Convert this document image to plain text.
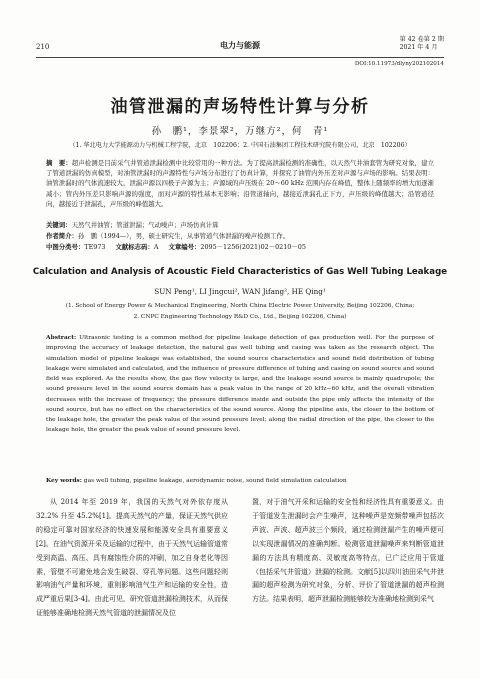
210	电力与能源
第 42 卷第 2 期
2021 年 4 月
DOI:10.11973/dlyny202102014
油管泄漏的声场特性计算与分析
孙　鹏¹，李景翠²，万继方²，何　青¹
（1. 华北电力大学能源动力与机械工程学院，北京　102206；2. 中国石油集团工程技术研究院有限公司，北京　102206）
摘　要：超声检测是目前采气井管道泄漏检测中比较常用的一种方法。为了提高泄漏检测的准确性，以天然气井油套管为研究对象，建立了管道泄漏的仿真模型，对油管泄漏时的声源特性与声场分布进行了仿真计算，并探究了油管内外压差对声源与声场的影响。结果表明：油管泄漏时的气体流速较大，泄漏声源以四极子声源为主；声源域的声压级在 20～60 kHz 范围内存在峰值，整体上随频率的增大而逐渐减小；管内外压差只影响声源的强度，而对声源的特性基本无影响；沿管道轴向，越接近泄漏孔正下方，声压级的峰值越大；沿管道径向，越接近于泄漏孔，声压级的峰值越大。
关键词：天然气井油管；管道泄漏；气动噪声；声场仿真计算
作者简介：孙　鹏（1994—），男，硕士研究生，从事管道气体泄漏的噪声检测工作。
中图分类号：TE973 文献标志码：A 文章编号：2095－1256(2021)02－0210－05
Calculation and Analysis of Acoustic Field Characteristics of Gas Well Tubing Leakage
SUN Peng¹, LI Jingcui², WAN Jifang², HE Qing¹
(1. School of Energy Power & Mechanical Engineering, North China Electric Power University, Beijing 102206, China;
2. CNPC Engineering Technology R&D Co., Ltd., Beijing 102206, China)
Abstract: Ultrasonic testing is a common method for pipeline leakage detection of gas production well. For the purpose of improving the accuracy of leakage detection, the natural gas well tubing and casing was taken as the research object. The simulation model of pipeline leakage was established, the sound source characteristics and sound field distribution of tubing leakage were simulated and calculated, and the influence of pressure difference of tubing and casing on sound source and sound field was explored. As the results show, the gas flow velocity is large, and the leakage sound source is mainly quadrupole; the sound pressure level in the sound source domain has a peak value in the range of 20 kHz−60 kHz, and the overall vibration decreases with the increase of frequency; the pressure difference inside and outside the pipe only affects the intensity of the sound source, but has no effect on the characteristics of the sound source. Along the pipeline axis, the closer to the bottom of the leakage hole, the greater the peak value of the sound pressure level; along the radial direction of the pipe, the closer to the leakage hole, the greater the peak value of sound pressure level.
Key words: gas well tubing, pipeline leakage, aerodynamic noise, sound field simulation calculation
从 2014 年至 2019 年，我国的天然气对外依存度从 32.2% 升至 45.2%[1]。提高天然气的产量，保证天然气供应的稳定可靠对国家经济的快速发展和能源安全具有重要意义[2]。在油气资源开采及运输的过程中，由于天然气运输管道常受到高温、高压、具有腐蚀性介质的冲刷，加之自身老化等因素，管壁不可避免地会发生破裂、穿孔等问题。这些问题轻则影响油气产量和环境，重则影响油气生产和运输的安全性，造成严重后果[3-4]。由此可见，研究管道泄漏检测技术，从而保证能够准确地检测天然气管道的泄漏情况及位
置，对于油气开采和运输的安全性和经济性具有重要意义。由于管道发生泄漏时会产生噪声，这种噪声是宽频带噪声包括次声波、声波、超声波三个频段，通过检测泄漏产生的噪声便可以实现泄漏情况的准确判断。检测管道泄漏噪声来判断管道泄漏的方法具有精度高、灵敏度高等特点，已广泛应用于管道（包括采气井管道）泄漏的检测。文献[5]以四川油田采气井泄漏的超声检测为研究对象，分析、评价了管道泄漏的超声检测方法。结果表明，超声泄漏检测能够较为准确地检测到采气
